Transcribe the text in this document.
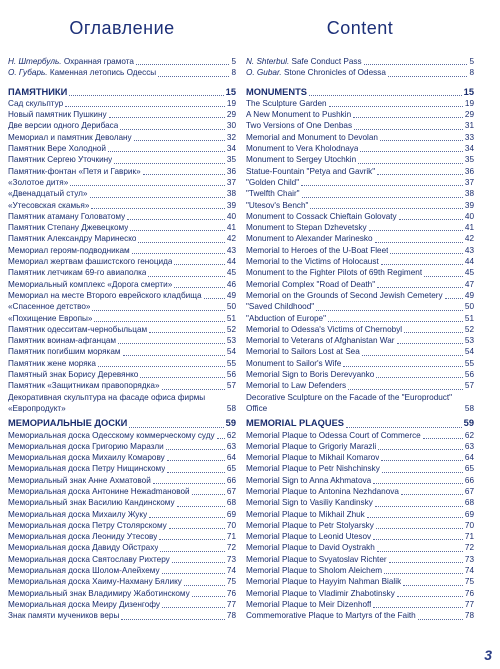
Оглавление
Н. Штербуль. Охранная грамота	5
О. Губарь. Каменная летопись Одессы	8
ПАМЯТНИКИ	15
Сад скульптур	19
Новый памятник Пушкину	29
Две версии одного Дерибаса	30
Мемориал и памятник Деволану	32
Памятник Вере Холодной	34
Памятник Сергею Уточкину	35
Памятник-фонтан «Петя и Гаврик»	36
«Золотое дитя»	37
«Двенадцатый стул»	38
«Утесовская скамья»	39
Памятник атаману Головатому	40
Памятник Степану Джевецкому	41
Памятник Александру Маринеско	42
Мемориал героям-подводникам	43
Мемориал жертвам фашистского геноцида	44
Памятник летчикам 69-го авиаполка	45
Мемориальный комплекс «Дорога смерти»	46
Мемориал на месте Второго еврейского кладбища	49
«Спасенное детство»	50
«Похищение Европы»	51
Памятник одесситам-чернобыльцам	52
Памятник воинам-афганцам	53
Памятник погибшим морякам	54
Памятник жене моряка	55
Памятный знак Борису Деревянко	56
Памятник «Защитникам правопорядка»	57
Декоративная скульптура на фасаде офиса фирмы «Европродукт»	58
МЕМОРИАЛЬНЫЕ ДОСКИ	59
Мемориальная доска Одесскому коммерческому суду 62
Мемориальная доска Григорию Маразли	63
Мемориальная доска Михаилу Комарову	64
Мемориальная доска Петру Нищинскому	65
Мемориальный знак Анне Ахматовой	66
Мемориальная доска Антонине Нежadmановой	67
Мемориальный знак Василию Кандинскому	68
Мемориальная доска Михаилу Жуку	69
Мемориальная доска Петру Столярскому	70
Мемориальная доска Леониду Утесову	71
Мемориальная доска Давиду Ойстраху	72
Мемориальная доска Святославу Рихтеру	73
Мемориальная доска Шолом-Алейхему	74
Мемориальная доска Хаиму-Нахману Бялику	75
Мемориальный знак Владимиру Жаботинскому	76
Мемориальная доска Меиру Дизенгофу	77
Знак памяти мучеников веры	78
Content
N. Shterbul. Safe Conduct Pass	5
O. Gubar. Stone Chronicles of Odessa	8
MONUMENTS	15
The Sculpture Garden	19
A New Monument to Pushkin	29
Two Versions of One Denbas	31
Memorial and Monument to Devolan	33
Monument to Vera Kholodnaya	34
Monument to Sergey Utochkin	35
Statue-Fountain "Petya and Gavrik"	36
"Golden Child"	37
"Twelfth Chair"	38
"Utesov's Bench"	39
Monument to Cossack Chieftain Golovaty	40
Monument to Stepan Dzhevetsky	41
Monument to Alexander Marinesko	42
Memorial to Heroes of the U-Boat Fleet	43
Memorial to the Victims of Holocaust	44
Monument to the Fighter Pilots of 69th Regiment	45
Memorial Complex "Road of Death"	47
Memorial on the Grounds of Second Jewish Cemetery	49
"Saved Childhood"	50
"Abduction of Europe"	51
Memorial to Odessa's Victims of Chernobyl	52
Memorial to Veterans of Afghanistan War	53
Memorial to Sailors Lost at Sea	54
Monument to Sailor's Wife	55
Memorial Sign to Boris Derevyanko	56
Memorial to Law Defenders	57
Decorative Sculpture on the Facade of the "Europroduct" Office	58
MEMORIAL PLAQUES	59
Memorial Plaque to Odessa Court of Commerce	62
Memorial Plaque to Grigoriy Marazli	63
Memorial Plaque to Mikhail Komarov	64
Memorial Plaque to Petr Nishchinsky	65
Memorial Sign to Anna Akhmatova	66
Memorial Plaque to Antonina Nezhdanova	67
Memorial Sign to Vasiliy Kandinsky	68
Memorial Plaque to Mikhail Zhuk	69
Memorial Plaque to Petr Stolyarsky	70
Memorial Plaque to Leonid Utesov	71
Memorial Plaque to David Oystrakh	72
Memorial Plaque to Svyatoslav Richter	73
Memorial Plaque to Sholom Aleichem	74
Memorial Plaque to Hayyim Nahman Bialik	75
Memorial Plaque to Vladimir Zhabotinsky	76
Memorial Plaque to Meir Dizenhoff	77
Commemorative Plaque to Martyrs of the Faith	78
3
